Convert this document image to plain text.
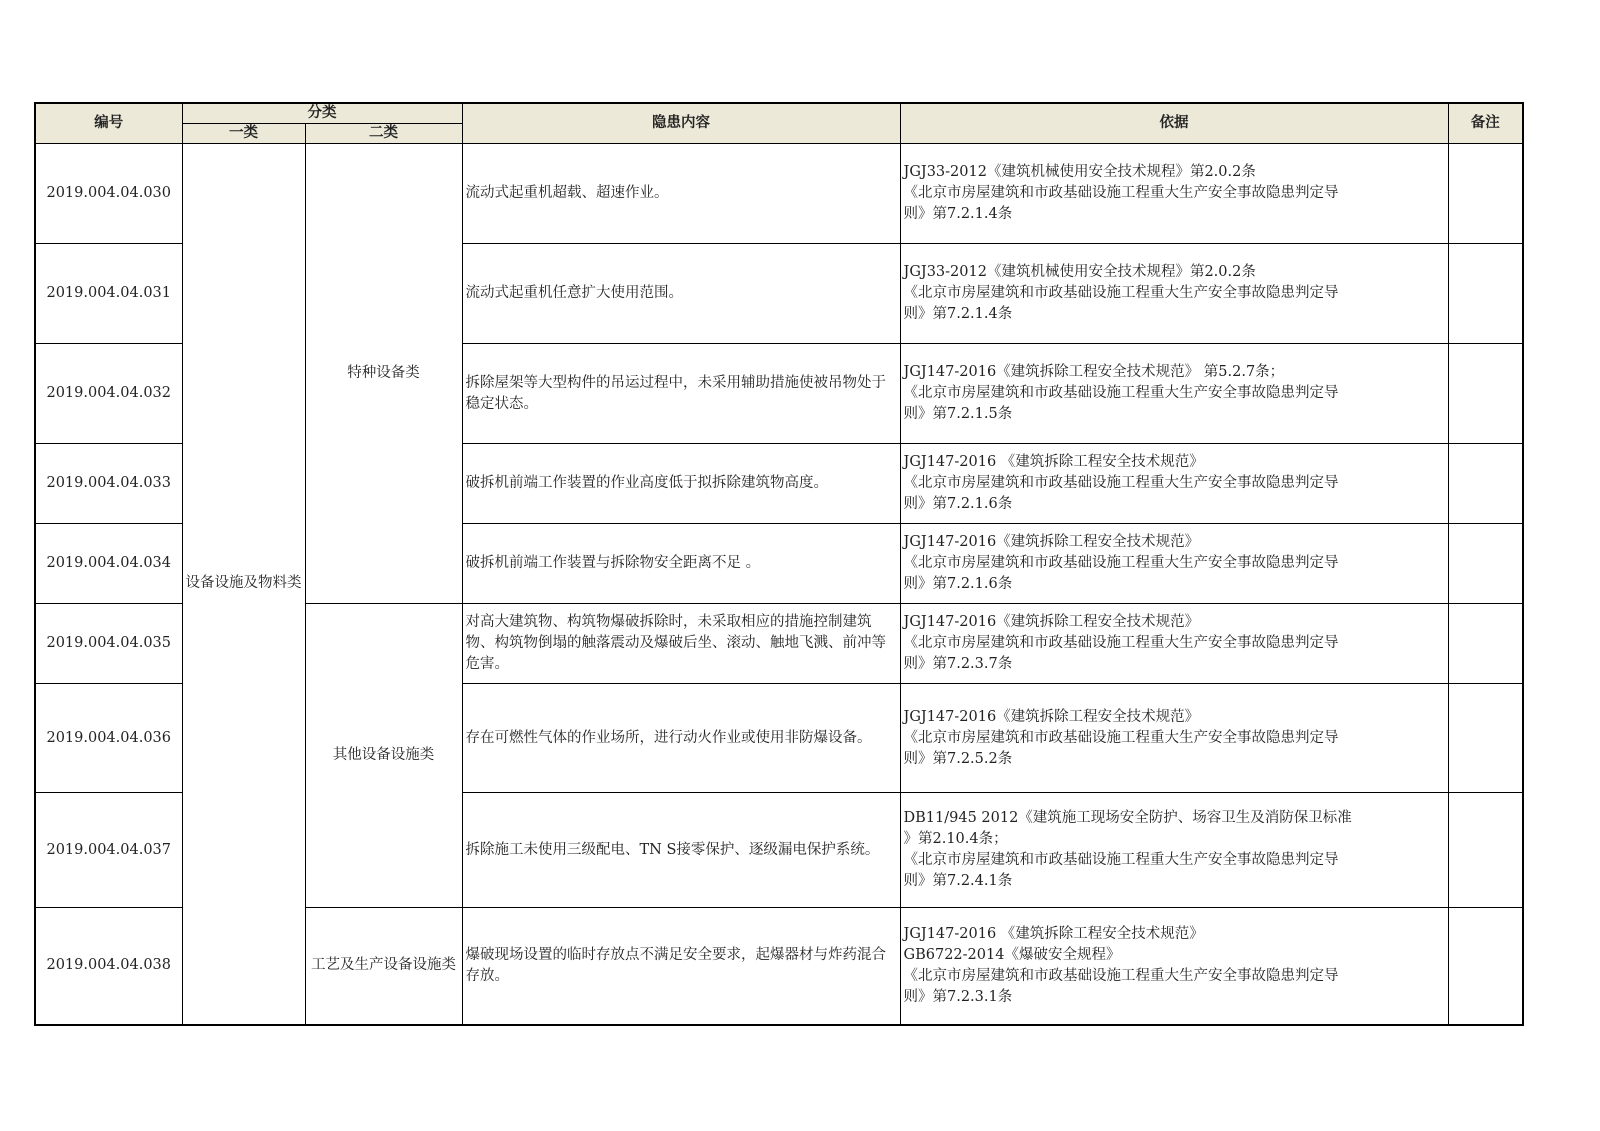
编号	分类		隐患内容	依据	备注
	一类	二类			
2019.004.04.030	设备设施及物料类	特种设备类	流动式起重机超载、超速作业。	JGJ33-2012《建筑机械使用安全技术规程》第2.0.2条
《北京市房屋建筑和市政基础设施工程重大生产安全事故隐患判定导
则》第7.2.1.4条	

2019.004.04.031			流动式起重机任意扩大使用范围。	JGJ33-2012《建筑机械使用安全技术规程》第2.0.2条
《北京市房屋建筑和市政基础设施工程重大生产安全事故隐患判定导
则》第7.2.1.4条	

2019.004.04.032			拆除屋架等大型构件的吊运过程中，未采用辅助措施使被吊物处于稳定状态。	JGJ147-2016《建筑拆除工程安全技术规范》 第5.2.7条；
《北京市房屋建筑和市政基础设施工程重大生产安全事故隐患判定导
则》第7.2.1.5条	

2019.004.04.033			破拆机前端工作装置的作业高度低于拟拆除建筑物高度。	JGJ147-2016 《建筑拆除工程安全技术规范》
《北京市房屋建筑和市政基础设施工程重大生产安全事故隐患判定导
则》第7.2.1.6条	

2019.004.04.034			破拆机前端工作装置与拆除物安全距离不足 。	JGJ147-2016《建筑拆除工程安全技术规范》
《北京市房屋建筑和市政基础设施工程重大生产安全事故隐患判定导
则》第7.2.1.6条	

2019.004.04.035		其他设备设施类	对高大建筑物、构筑物爆破拆除时，未采取相应的措施控制建筑物、构筑物倒塌的触落震动及爆破后坐、滚动、触地飞溅、前冲等危害。	JGJ147-2016《建筑拆除工程安全技术规范》
《北京市房屋建筑和市政基础设施工程重大生产安全事故隐患判定导
则》第7.2.3.7条	

2019.004.04.036			存在可燃性气体的作业场所，进行动火作业或使用非防爆设备。	JGJ147-2016《建筑拆除工程安全技术规范》
《北京市房屋建筑和市政基础设施工程重大生产安全事故隐患判定导
则》第7.2.5.2条	

2019.004.04.037			拆除施工未使用三级配电、TN S接零保护、逐级漏电保护系统。	DB11/945 2012《建筑施工现场安全防护、场容卫生及消防保卫标准
》第2.10.4条；
《北京市房屋建筑和市政基础设施工程重大生产安全事故隐患判定导
则》第7.2.4.1条	

2019.004.04.038		工艺及生产设备设施类	爆破现场设置的临时存放点不满足安全要求，起爆器材与炸药混合存放。	JGJ147-2016 《建筑拆除工程安全技术规范》
GB6722-2014《爆破安全规程》
《北京市房屋建筑和市政基础设施工程重大生产安全事故隐患判定导
则》第7.2.3.1条	
